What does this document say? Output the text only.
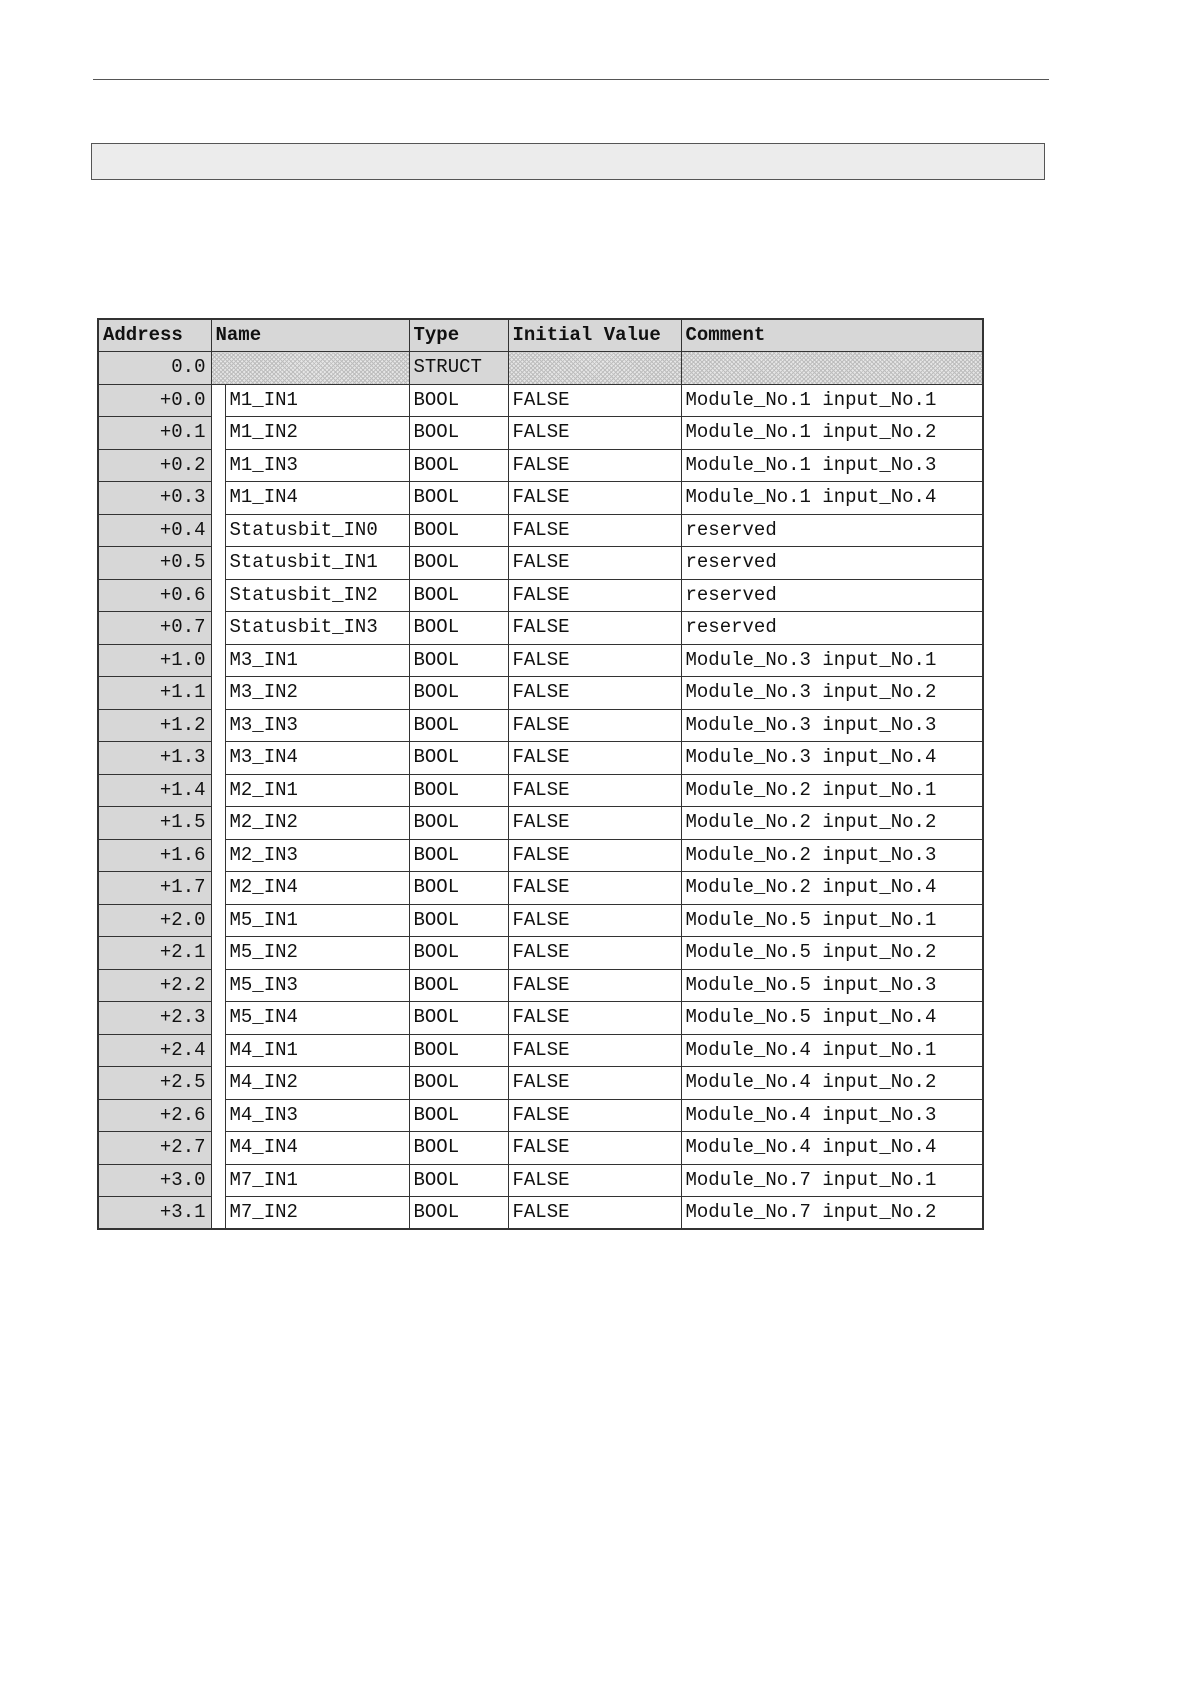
Address	Name		Type	Initial Value	Comment
0.0			STRUCT		
+0.0		M1_IN1	BOOL	FALSE	Module_No.1 input_No.1
+0.1		M1_IN2	BOOL	FALSE	Module_No.1 input_No.2
+0.2		M1_IN3	BOOL	FALSE	Module_No.1 input_No.3
+0.3		M1_IN4	BOOL	FALSE	Module_No.1 input_No.4
+0.4		Statusbit_IN0	BOOL	FALSE	reserved
+0.5		Statusbit_IN1	BOOL	FALSE	reserved
+0.6		Statusbit_IN2	BOOL	FALSE	reserved
+0.7		Statusbit_IN3	BOOL	FALSE	reserved
+1.0		M3_IN1	BOOL	FALSE	Module_No.3 input_No.1
+1.1		M3_IN2	BOOL	FALSE	Module_No.3 input_No.2
+1.2		M3_IN3	BOOL	FALSE	Module_No.3 input_No.3
+1.3		M3_IN4	BOOL	FALSE	Module_No.3 input_No.4
+1.4		M2_IN1	BOOL	FALSE	Module_No.2 input_No.1
+1.5		M2_IN2	BOOL	FALSE	Module_No.2 input_No.2
+1.6		M2_IN3	BOOL	FALSE	Module_No.2 input_No.3
+1.7		M2_IN4	BOOL	FALSE	Module_No.2 input_No.4
+2.0		M5_IN1	BOOL	FALSE	Module_No.5 input_No.1
+2.1		M5_IN2	BOOL	FALSE	Module_No.5 input_No.2
+2.2		M5_IN3	BOOL	FALSE	Module_No.5 input_No.3
+2.3		M5_IN4	BOOL	FALSE	Module_No.5 input_No.4
+2.4		M4_IN1	BOOL	FALSE	Module_No.4 input_No.1
+2.5		M4_IN2	BOOL	FALSE	Module_No.4 input_No.2
+2.6		M4_IN3	BOOL	FALSE	Module_No.4 input_No.3
+2.7		M4_IN4	BOOL	FALSE	Module_No.4 input_No.4
+3.0		M7_IN1	BOOL	FALSE	Module_No.7 input_No.1
+3.1		M7_IN2	BOOL	FALSE	Module_No.7 input_No.2
